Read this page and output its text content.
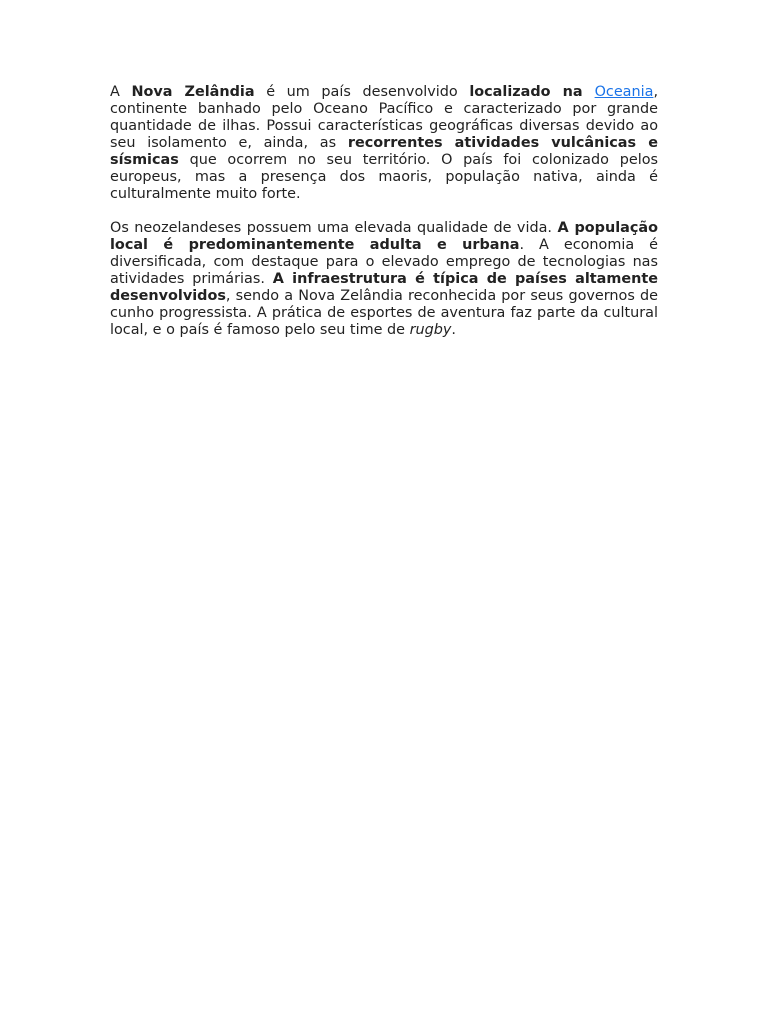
A Nova Zelândia é um país desenvolvido localizado na Oceania, continente banhado pelo Oceano Pacífico e caracterizado por grande quantidade de ilhas. Possui características geográficas diversas devido ao seu isolamento e, ainda, as recorrentes atividades vulcânicas e sísmicas que ocorrem no seu território. O país foi colonizado pelos europeus, mas a presença dos maoris, população nativa, ainda é culturalmente muito forte.

Os neozelandeses possuem uma elevada qualidade de vida. A população local é predominantemente adulta e urbana. A economia é diversificada, com destaque para o elevado emprego de tecnologias nas atividades primárias. A infraestrutura é típica de países altamente desenvolvidos, sendo a Nova Zelândia reconhecida por seus governos de cunho progressista. A prática de esportes de aventura faz parte da cultural local, e o país é famoso pelo seu time de rugby.
